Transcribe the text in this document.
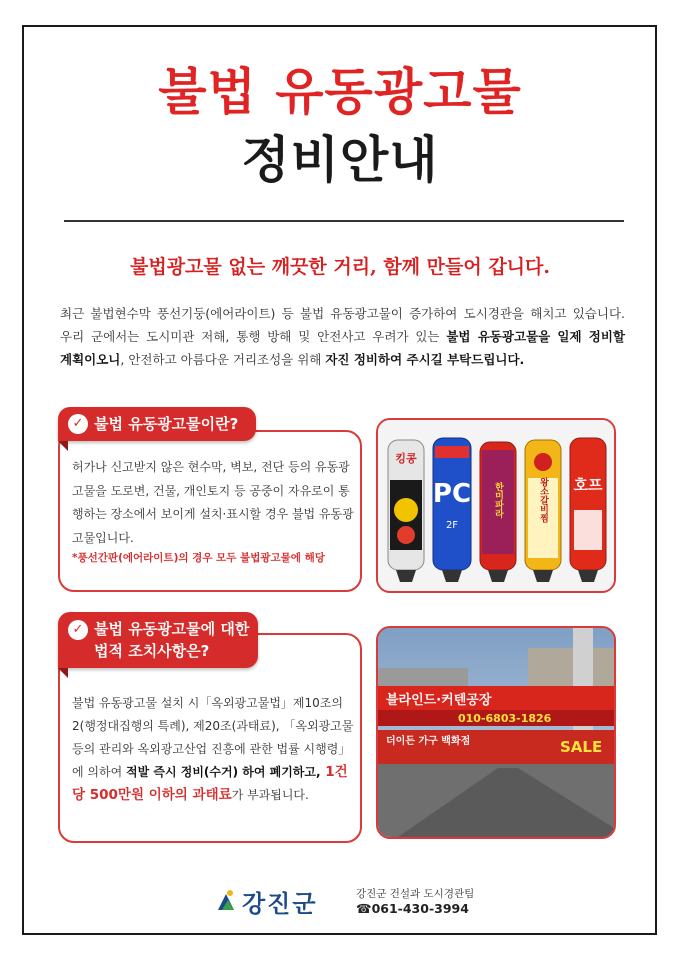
불법 유동광고물
정비안내
불법광고물 없는 깨끗한 거리, 함께 만들어 갑니다.
최근 불법현수막 풍선기둥(에어라이트) 등 불법 유동광고물이 증가하여 도시경관을 해치고 있습니다. 우리 군에서는 도시미관 저해, 통행 방해 및 안전사고 우려가 있는 불법 유동광고물을 일제 정비할 계획이오니, 안전하고 아름다운 거리조성을 위해 자진 정비하여 주시길 부탁드립니다.
✓ 불법 유동광고물이란?
허가나 신고받지 않은 현수막, 벽보, 전단 등의 유동광고물을 도로변, 건물, 개인토지 등 공중이 자유로이 통행하는 장소에서 보이게 설치·표시할 경우 불법 유동광고물입니다.
*풍선간판(에어라이트)의 경우 모두 불법광고물에 해당
킹콩
PC
2F
한미파라	왕소갈비찜 호프
✓ 불법 유동광고물에 대한 법적 조치사항은?
불법 유동광고물 설치 시「옥외광고물법」제10조의 2(행정대집행의 특례), 제20조(과태료), 「옥외광고물 등의 관리와 옥외광고산업 진흥에 관한 법률 시행령」에 의하여 적발 즉시 정비(수거) 하여 폐기하고, 1건 당 500만원 이하의 과태료가 부과됩니다.
블라인드·커텐공장
010-6803-1826
더이든 가구 백화점	SALE
강진군	강진군 건설과 도시경관팀
☎061-430-3994
